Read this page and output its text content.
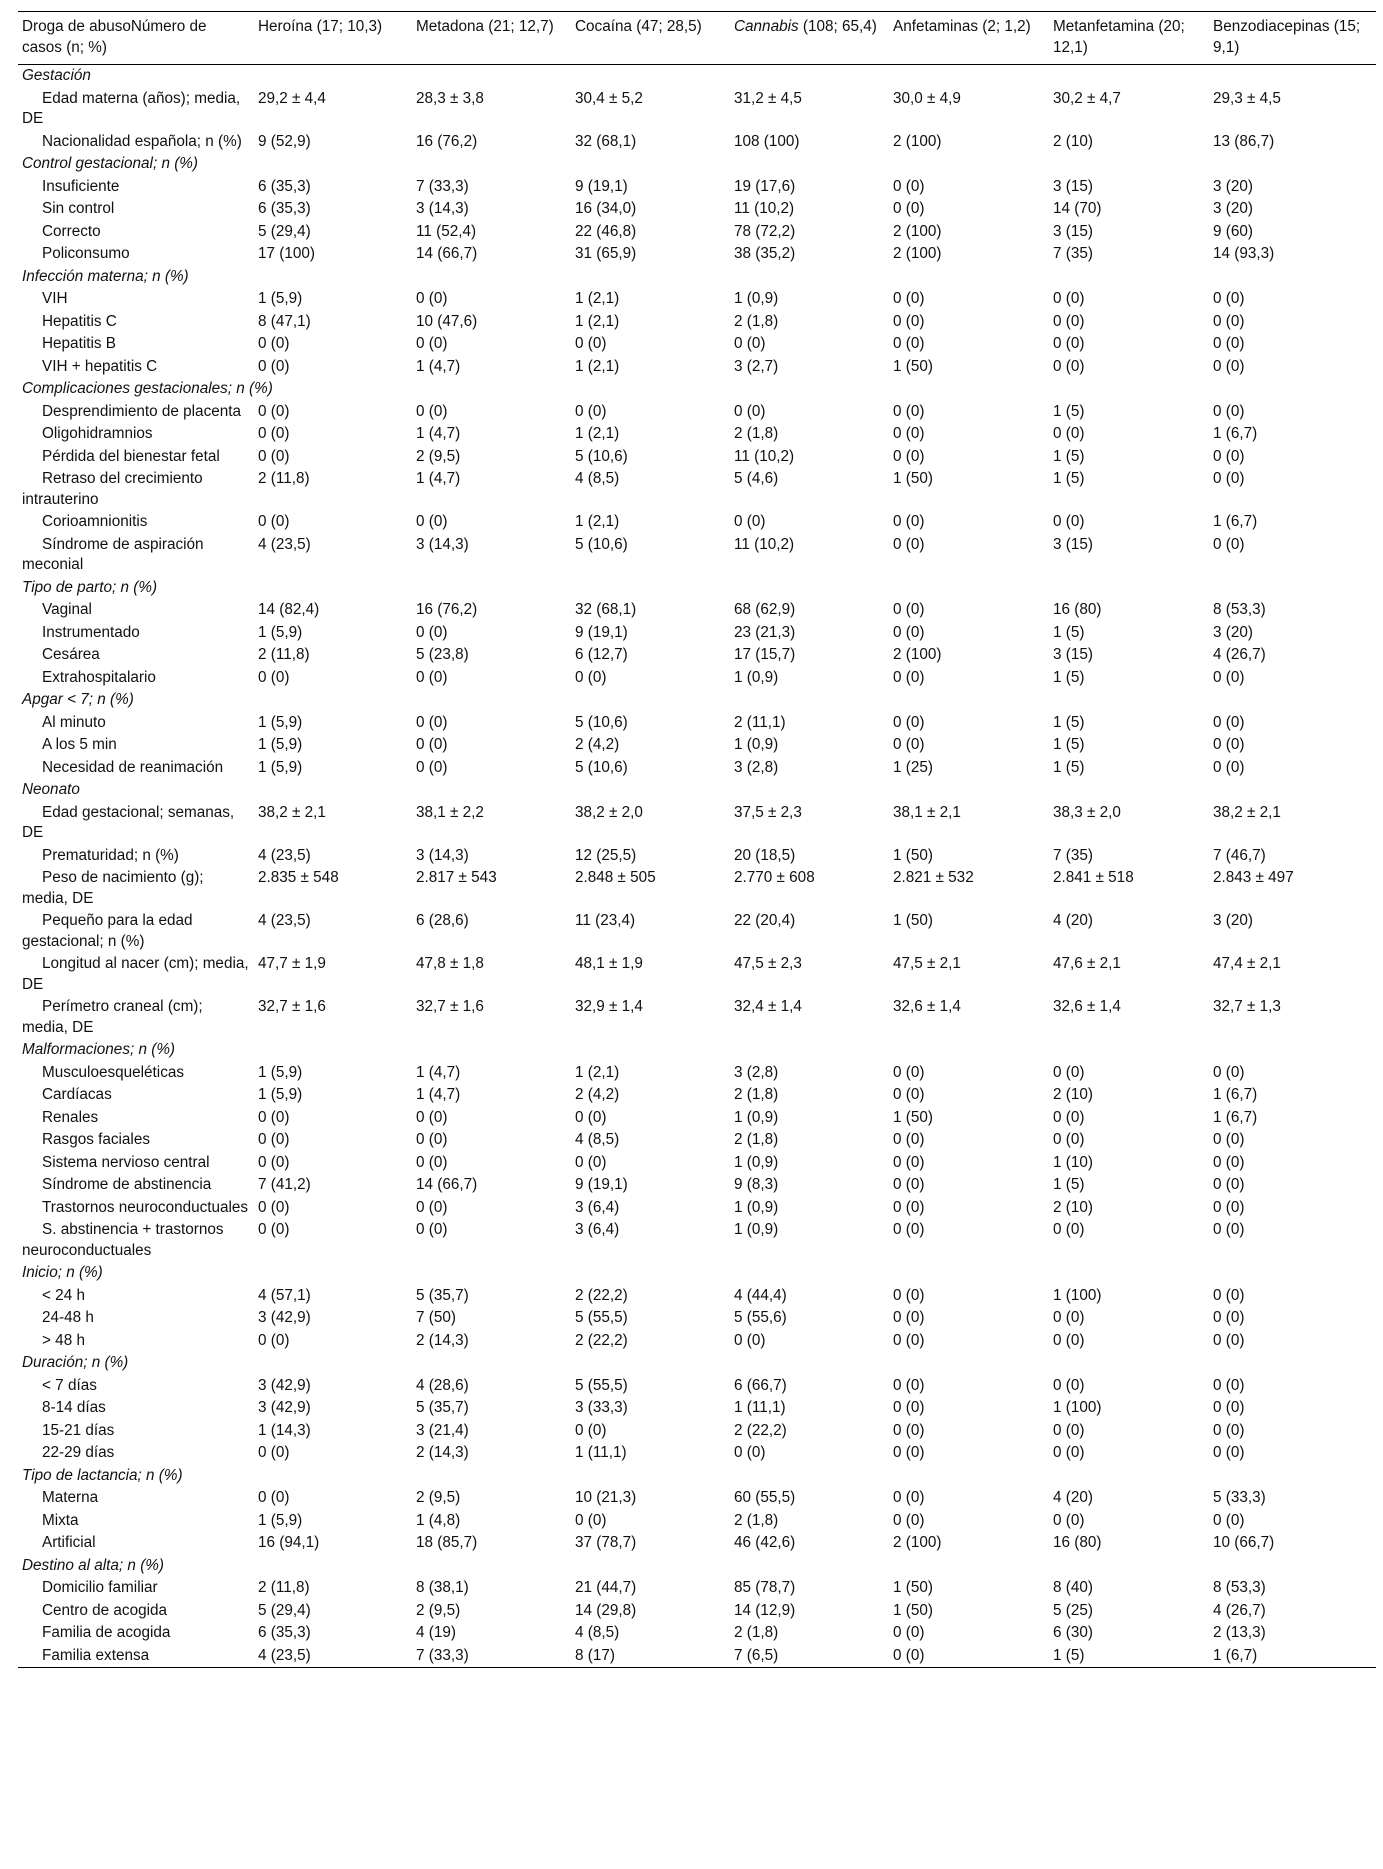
Droga de abusoNúmero de casos (n; %)	Heroína (17; 10,3)	Metadona (21; 12,7)	Cocaína (47; 28,5)	Cannabis (108; 65,4)	Anfetaminas (2; 1,2)	Metanfetamina (20; 12,1)	Benzodiacepinas (15; 9,1)
Gestación							

Edad materna (años); media, DE	29,2 ± 4,4	28,3 ± 3,8	30,4 ± 5,2	31,2 ± 4,5	30,0 ± 4,9	30,2 ± 4,7	29,3 ± 4,5

Nacionalidad española; n (%)	9 (52,9)	16 (76,2)	32 (68,1)	108 (100)	2 (100)	2 (10)	13 (86,7)
Control gestacional; n (%)							

Insuficiente	6 (35,3)	7 (33,3)	9 (19,1)	19 (17,6)	0 (0)	3 (15)	3 (20)

Sin control	6 (35,3)	3 (14,3)	16 (34,0)	11 (10,2)	0 (0)	14 (70)	3 (20)

Correcto	5 (29,4)	11 (52,4)	22 (46,8)	78 (72,2)	2 (100)	3 (15)	9 (60)

Policonsumo	17 (100)	14 (66,7)	31 (65,9)	38 (35,2)	2 (100)	7 (35)	14 (93,3)
Infección materna; n (%)							

VIH	1 (5,9)	0 (0)	1 (2,1)	1 (0,9)	0 (0)	0 (0)	0 (0)

Hepatitis C	8 (47,1)	10 (47,6)	1 (2,1)	2 (1,8)	0 (0)	0 (0)	0 (0)

Hepatitis B	0 (0)	0 (0)	0 (0)	0 (0)	0 (0)	0 (0)	0 (0)

VIH + hepatitis C	0 (0)	1 (4,7)	1 (2,1)	3 (2,7)	1 (50)	0 (0)	0 (0)
Complicaciones gestacionales; n (%)							

Desprendimiento de placenta	0 (0)	0 (0)	0 (0)	0 (0)	0 (0)	1 (5)	0 (0)

Oligohidramnios	0 (0)	1 (4,7)	1 (2,1)	2 (1,8)	0 (0)	0 (0)	1 (6,7)

Pérdida del bienestar fetal	0 (0)	2 (9,5)	5 (10,6)	11 (10,2)	0 (0)	1 (5)	0 (0)

Retraso del crecimiento intrauterino	2 (11,8)	1 (4,7)	4 (8,5)	5 (4,6)	1 (50)	1 (5)	0 (0)

Corioamnionitis	0 (0)	0 (0)	1 (2,1)	0 (0)	0 (0)	0 (0)	1 (6,7)

Síndrome de aspiración meconial	4 (23,5)	3 (14,3)	5 (10,6)	11 (10,2)	0 (0)	3 (15)	0 (0)
Tipo de parto; n (%)							

Vaginal	14 (82,4)	16 (76,2)	32 (68,1)	68 (62,9)	0 (0)	16 (80)	8 (53,3)

Instrumentado	1 (5,9)	0 (0)	9 (19,1)	23 (21,3)	0 (0)	1 (5)	3 (20)

Cesárea	2 (11,8)	5 (23,8)	6 (12,7)	17 (15,7)	2 (100)	3 (15)	4 (26,7)

Extrahospitalario	0 (0)	0 (0)	0 (0)	1 (0,9)	0 (0)	1 (5)	0 (0)
Apgar < 7; n (%)							

Al minuto	1 (5,9)	0 (0)	5 (10,6)	2 (11,1)	0 (0)	1 (5)	0 (0)

A los 5 min	1 (5,9)	0 (0)	2 (4,2)	1 (0,9)	0 (0)	1 (5)	0 (0)

Necesidad de reanimación	1 (5,9)	0 (0)	5 (10,6)	3 (2,8)	1 (25)	1 (5)	0 (0)
Neonato							

Edad gestacional; semanas, DE	38,2 ± 2,1	38,1 ± 2,2	38,2 ± 2,0	37,5 ± 2,3	38,1 ± 2,1	38,3 ± 2,0	38,2 ± 2,1

Prematuridad; n (%)	4 (23,5)	3 (14,3)	12 (25,5)	20 (18,5)	1 (50)	7 (35)	7 (46,7)

Peso de nacimiento (g); media, DE	2.835 ± 548	2.817 ± 543	2.848 ± 505	2.770 ± 608	2.821 ± 532	2.841 ± 518	2.843 ± 497

Pequeño para la edad gestacional; n (%)	4 (23,5)	6 (28,6)	11 (23,4)	22 (20,4)	1 (50)	4 (20)	3 (20)

Longitud al nacer (cm); media, DE	47,7 ± 1,9	47,8 ± 1,8	48,1 ± 1,9	47,5 ± 2,3	47,5 ± 2,1	47,6 ± 2,1	47,4 ± 2,1

Perímetro craneal (cm); media, DE	32,7 ± 1,6	32,7 ± 1,6	32,9 ± 1,4	32,4 ± 1,4	32,6 ± 1,4	32,6 ± 1,4	32,7 ± 1,3
Malformaciones; n (%)							

Musculoesqueléticas	1 (5,9)	1 (4,7)	1 (2,1)	3 (2,8)	0 (0)	0 (0)	0 (0)

Cardíacas	1 (5,9)	1 (4,7)	2 (4,2)	2 (1,8)	0 (0)	2 (10)	1 (6,7)

Renales	0 (0)	0 (0)	0 (0)	1 (0,9)	1 (50)	0 (0)	1 (6,7)

Rasgos faciales	0 (0)	0 (0)	4 (8,5)	2 (1,8)	0 (0)	0 (0)	0 (0)

Sistema nervioso central	0 (0)	0 (0)	0 (0)	1 (0,9)	0 (0)	1 (10)	0 (0)

Síndrome de abstinencia	7 (41,2)	14 (66,7)	9 (19,1)	9 (8,3)	0 (0)	1 (5)	0 (0)

Trastornos neuroconductuales	0 (0)	0 (0)	3 (6,4)	1 (0,9)	0 (0)	2 (10)	0 (0)

S. abstinencia + trastornos neuroconductuales	0 (0)	0 (0)	3 (6,4)	1 (0,9)	0 (0)	0 (0)	0 (0)
Inicio; n (%)							

< 24 h	4 (57,1)	5 (35,7)	2 (22,2)	4 (44,4)	0 (0)	1 (100)	0 (0)

24-48 h	3 (42,9)	7 (50)	5 (55,5)	5 (55,6)	0 (0)	0 (0)	0 (0)

> 48 h	0 (0)	2 (14,3)	2 (22,2)	0 (0)	0 (0)	0 (0)	0 (0)
Duración; n (%)							

< 7 días	3 (42,9)	4 (28,6)	5 (55,5)	6 (66,7)	0 (0)	0 (0)	0 (0)

8-14 días	3 (42,9)	5 (35,7)	3 (33,3)	1 (11,1)	0 (0)	1 (100)	0 (0)

15-21 días	1 (14,3)	3 (21,4)	0 (0)	2 (22,2)	0 (0)	0 (0)	0 (0)

22-29 días	0 (0)	2 (14,3)	1 (11,1)	0 (0)	0 (0)	0 (0)	0 (0)
Tipo de lactancia; n (%)							

Materna	0 (0)	2 (9,5)	10 (21,3)	60 (55,5)	0 (0)	4 (20)	5 (33,3)

Mixta	1 (5,9)	1 (4,8)	0 (0)	2 (1,8)	0 (0)	0 (0)	0 (0)

Artificial	16 (94,1)	18 (85,7)	37 (78,7)	46 (42,6)	2 (100)	16 (80)	10 (66,7)
Destino al alta; n (%)							

Domicilio familiar	2 (11,8)	8 (38,1)	21 (44,7)	85 (78,7)	1 (50)	8 (40)	8 (53,3)

Centro de acogida	5 (29,4)	2 (9,5)	14 (29,8)	14 (12,9)	1 (50)	5 (25)	4 (26,7)

Familia de acogida	6 (35,3)	4 (19)	4 (8,5)	2 (1,8)	0 (0)	6 (30)	2 (13,3)

Familia extensa	4 (23,5)	7 (33,3)	8 (17)	7 (6,5)	0 (0)	1 (5)	1 (6,7)
